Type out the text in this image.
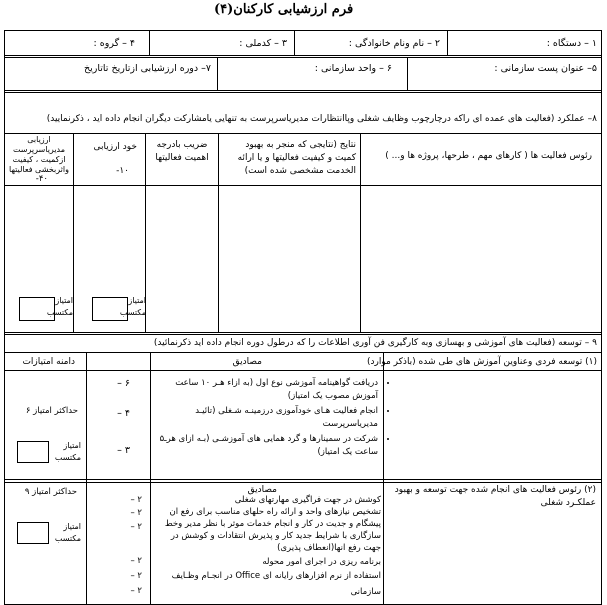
فرم ارزشیابی کارکنان(۴)
۱ – دستگاه :
۲ – نام ونام خانوادگی :
۳ – کدملی :
۴ – گروه :
۵– عنوان پست سازمانی :
۶ – واحد سازمانی :
۷– دوره ارزشیابی ازتاریخ تاتاریخ
۸– عملکرد (فعالیت های عمده ای راکه درچارچوب وظایف شغلی وپاانتظارات مدیریاسرپرست به تنهایی یامشارکت دیگران انجام داده اید ، ذکرنمایید)
رئوس فعالیت ها ( کارهای مهم ، طرحها، پروژه ها و... )
نتایج (نتایجی که منجر به بهبود کمیت و کیفیت فعالیتها و یا ارائه الخدمت مشخصی شده است)
ضریب بادرجه اهمیت فعالیتها
خود ارزیابی
۱۰-
ارزیابی مدیریاسرپرست ازکمیت ، کیفیت واثربخشی فعالیتها
۴۰-
امتیاز مکتسب
امتیاز مکتسب
۹ – توسعه (فعالیت های آموزشی و بهسازی وبه کارگیری فن آوری اطلاعات را که درطول دوره انجام داده اید ذکرنمائید)
(۱) توسعه فردی وعناوین آموزش های طی شده (باذکر موارد)
مصادیق
دامنه امتیازات
• دریافت گواهینامه آموزشی نوع اول (به ازاء هـر ۱۰ ساعت آموزش مصوب یک امتیاز)
• انجام فعالیت هـای خودآموزی درزمینـه شـغلی (تائیـد مدیریاسرپرست
• شرکت در سمینارها و گرد همایی های آموزشـی (بـه ازای هرـ۵ ساعت یک امتیاز)
۶ –
۴ –
۳ –
حداکثر امتیاز ۶
امتیاز مکتسب
(۲) رئوس فعالیت های انجام شده جهت توسعه و بهبود عملکـرد شغلی
مصادیق
کوشش در جهت فراگیری مهارتهای شغلی
تشخیص نیازهای واحد و ارائه راه حلهای مناسب برای رفع ان
پیشگام و جدیت در کار و انجام خدمات موثر با نظر مدیر وخط
سازگاری با شرایط جدید کار و پذیرش انتقادات و کوشش در
جهت رفع انها(انعطاف پذیری)
برنامه ریزی در اجرای امور محوله
استفاده از نرم افزارهای رایانه ای Office در انجـام وظـایف
سازمانی
۲ –
۲ –
۲ –
۲ –
۲ –
۲ –
حداکثر امتیاز ۹
امتیاز مکتسب
